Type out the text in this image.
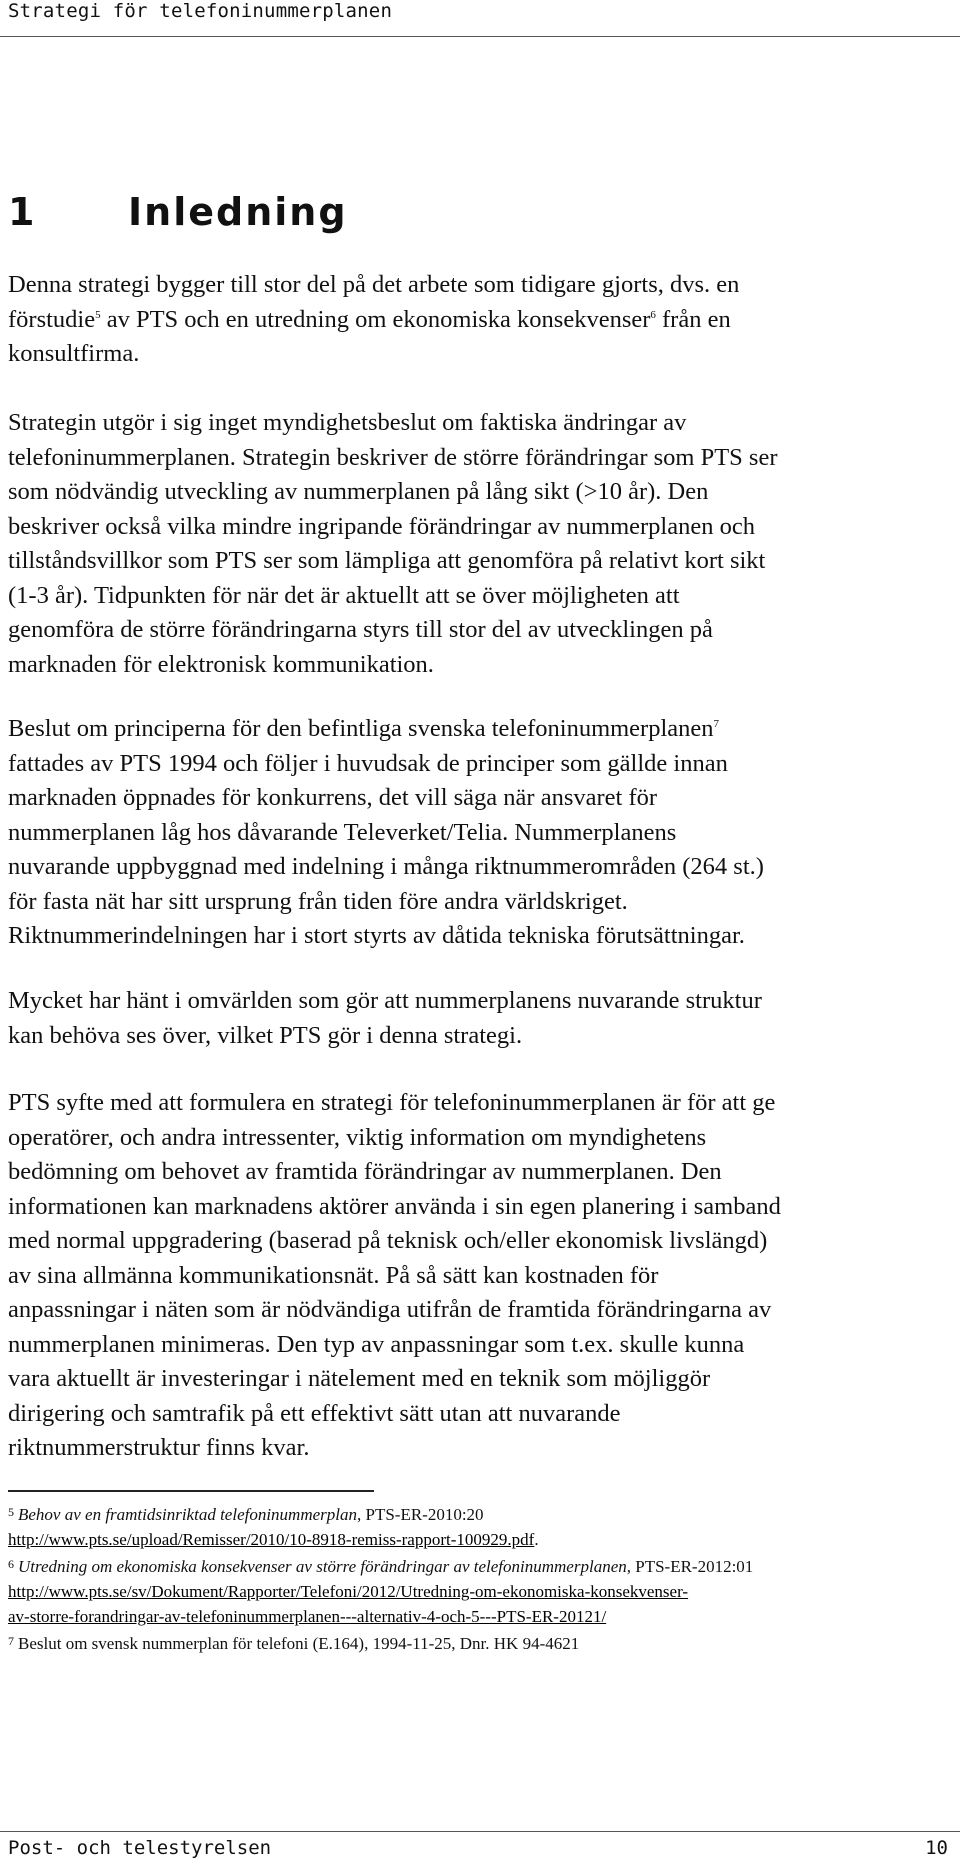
Strategi för telefoninummerplanen
1 Inledning

Denna strategi bygger till stor del på det arbete som tidigare gjorts, dvs. en

förstudie$^5$ av PTS och en utredning om ekonomiska konsekvenser$^6$ från en

konsultfirma.

Strategin utgör i sig inget myndighetsbeslut om faktiska ändringar av

telefoninummerplanen. Strategin beskriver de större förändringar som PTS ser

som nödvändig utveckling av nummerplanen på lång sikt (>10 år). Den

beskriver också vilka mindre ingripande förändringar av nummerplanen och

tillståndsvillkor som PTS ser som lämpliga att genomföra på relativt kort sikt

(1-3 år). Tidpunkten för när det är aktuellt att se över möjligheten att

genomföra de större förändringarna styrs till stor del av utvecklingen på

marknaden för elektronisk kommunikation.

Beslut om principerna för den befintliga svenska telefoninummerplanen$^7$

fattades av PTS 1994 och följer i huvudsak de principer som gällde innan

marknaden öppnades för konkurrens, det vill säga när ansvaret för

nummerplanen låg hos dåvarande Televerket/Telia. Nummerplanens

nuvarande uppbyggnad med indelning i många riktnummerområden (264 st.)

för fasta nät har sitt ursprung från tiden före andra världskriget.

Riktnummerindelningen har i stort styrts av dåtida tekniska förutsättningar.

Mycket har hänt i omvärlden som gör att nummerplanens nuvarande struktur

kan behöva ses över, vilket PTS gör i denna strategi.

PTS syfte med att formulera en strategi för telefoninummerplanen är för att ge

operatörer, och andra intressenter, viktig information om myndighetens

bedömning om behovet av framtida förändringar av nummerplanen. Den

informationen kan marknadens aktörer använda i sin egen planering i samband

med normal uppgradering (baserad på teknisk och/eller ekonomisk livslängd)

av sina allmänna kommunikationsnät. På så sätt kan kostnaden för

anpassningar i näten som är nödvändiga utifrån de framtida förändringarna av

nummerplanen minimeras. Den typ av anpassningar som t.ex. skulle kunna

vara aktuellt är investeringar i nätelement med en teknik som möjliggör

dirigering och samtrafik på ett effektivt sätt utan att nuvarande

riktnummerstruktur finns kvar.

$^5$ Behov av en framtidsinriktad telefoninummerplan, PTS-ER-2010:20

http://www.pts.se/upload/Remisser/2010/10-8918-remiss-rapport-100929.pdf.

$^6$ Utredning om ekonomiska konsekvenser av större förändringar av telefoninummerplanen, PTS-ER-2012:01

http://www.pts.se/sv/Dokument/Rapporter/Telefoni/2012/Utredning-om-ekonomiska-konsekvenser-

av-storre-forandringar-av-telefoninummerplanen---alternativ-4-och-5---PTS-ER-20121/

$^7$ Beslut om svensk nummerplan för telefoni (E.164), 1994-11-25, Dnr. HK 94-4621

Post- och telestyrelsen	10
